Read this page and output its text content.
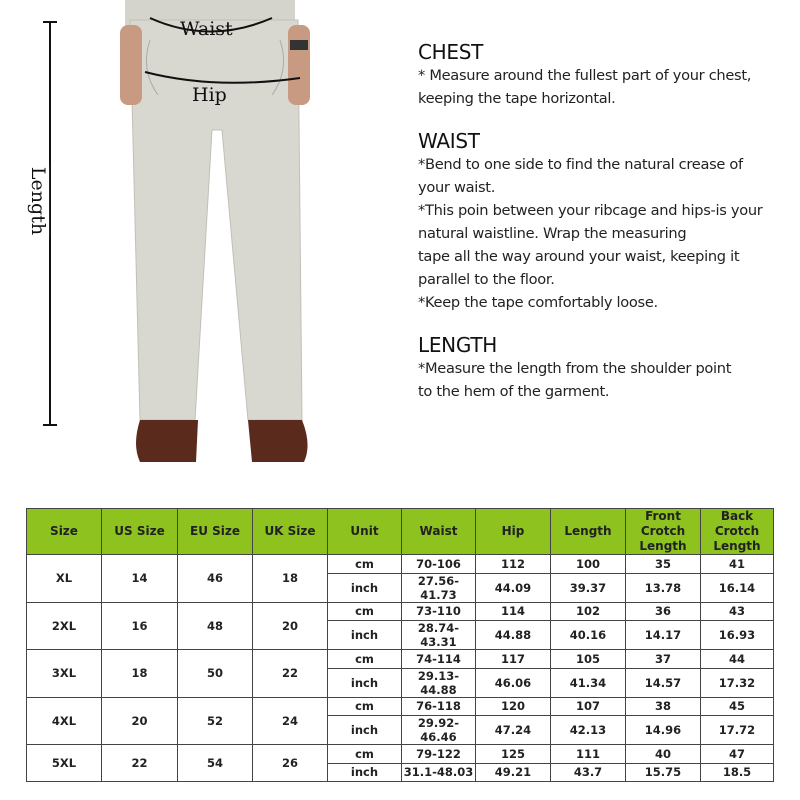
Waist
Hip
Length
CHEST

* Measure around the fullest part of your chest,

keeping the tape horizontal.

WAIST

*Bend to one side to find the natural crease of

your waist.

*This poin between your ribcage and hips-is your

natural waistline. Wrap the measuring

tape all the way around your waist, keeping it

parallel to the floor.

*Keep the tape comfortably loose.

LENGTH

*Measure the length from the shoulder point

to the hem of the garment.

Size	US Size	EU Size	UK Size	Unit	Waist	Hip	Length	Front Crotch Length	Back Crotch Length
XL	14	46	18	cm	70-106	112	100	35	41
				inch	27.56-41.73	44.09	39.37	13.78	16.14
2XL	16	48	20	cm	73-110	114	102	36	43
				inch	28.74-43.31	44.88	40.16	14.17	16.93
3XL	18	50	22	cm	74-114	117	105	37	44
				inch	29.13-44.88	46.06	41.34	14.57	17.32
4XL	20	52	24	cm	76-118	120	107	38	45
				inch	29.92-46.46	47.24	42.13	14.96	17.72
5XL	22	54	26	cm	79-122	125	111	40	47
				inch	31.1-48.03	49.21	43.7	15.75	18.5
